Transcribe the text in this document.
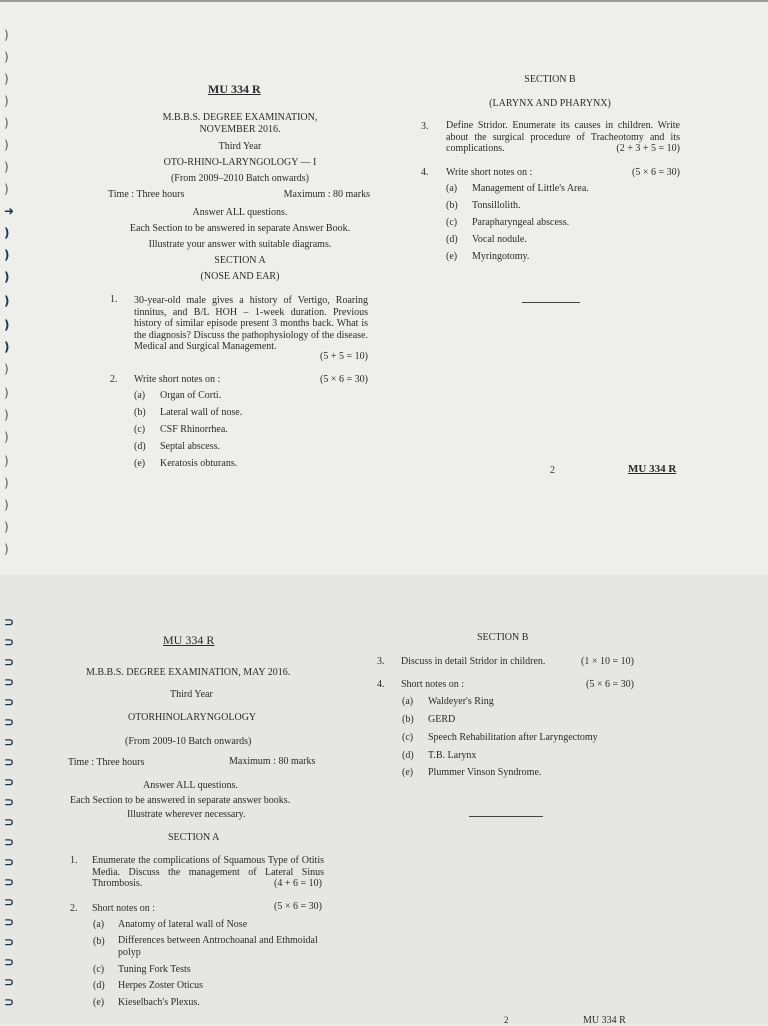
)
)
)
)
)
)
)
)
➜
)
)
)
)
)
)
)
)
)
)
)
)
)
)
)
MU 334 R
M.B.B.S. DEGREE EXAMINATION,
NOVEMBER 2016.
Third Year
OTO-RHINO-LARYNGOLOGY — I
(From 2009–2010 Batch onwards)
Time : Three hours	Maximum : 80 marks
Answer ALL questions.
Each Section to be answered in separate Answer Book.
Illustrate your answer with suitable diagrams.
SECTION A
(NOSE AND EAR)
1. 30-year-old male gives a history of Vertigo, Roaring tinnitus, and B/L HOH – 1-week duration. Previous history of similar episode present 3 months back. What is the diagnosis? Discuss the pathophysiology of the disease. Medical and Surgical Management.
(5 + 5 = 10)
2. Write short notes on :	(5 × 6 = 30)
(a) Organ of Corti.
(b) Lateral wall of nose.
(c) CSF Rhinorrhea.
(d) Septal abscess.
(e) Keratosis obturans.
SECTION B
(LARYNX AND PHARYNX)
3. Define Stridor. Enumerate its causes in children. Write about the surgical procedure of Tracheotomy and its complications.	(2 + 3 + 5 = 10)
4. Write short notes on :	(5 × 6 = 30)
(a) Management of Little's Area.
(b) Tonsillolith.
(c) Parapharyngeal abscess.
(d) Vocal nodule.
(e) Myringotomy.
2	MU 334 R
⊃
⊃
⊃
⊃
⊃
⊃
⊃
⊃
⊃
⊃
⊃
⊃
⊃
⊃
⊃
⊃
⊃
⊃
⊃
⊃
MU 334 R
M.B.B.S. DEGREE EXAMINATION, MAY 2016.
Third Year
OTORHINOLARYNGOLOGY
(From 2009-10 Batch onwards)
Time : Three hours	Maximum : 80 marks
Answer ALL questions.
Each Section to be answered in separate answer books.
Illustrate wherever necessary.
SECTION A
1. Enumerate the complications of Squamous Type of Otitis Media. Discuss the management of Lateral Sinus Thrombosis.	(4 + 6 = 10)
2. Short notes on :	(5 × 6 = 30)
(a) Anatomy of lateral wall of Nose
(b) Differences between Antrochoanal and Ethmoidal polyp
(c) Tuning Fork Tests
(d) Herpes Zoster Oticus
(e) Kieselbach's Plexus.
SECTION B
3. Discuss in detail Stridor in children.	(1 × 10 = 10)
4. Short notes on :	(5 × 6 = 30)
(a) Waldeyer's Ring
(b) GERD
(c) Speech Rehabilitation after Laryngectomy
(d) T.B. Larynx
(e) Plummer Vinson Syndrome.
2	MU 334 R
